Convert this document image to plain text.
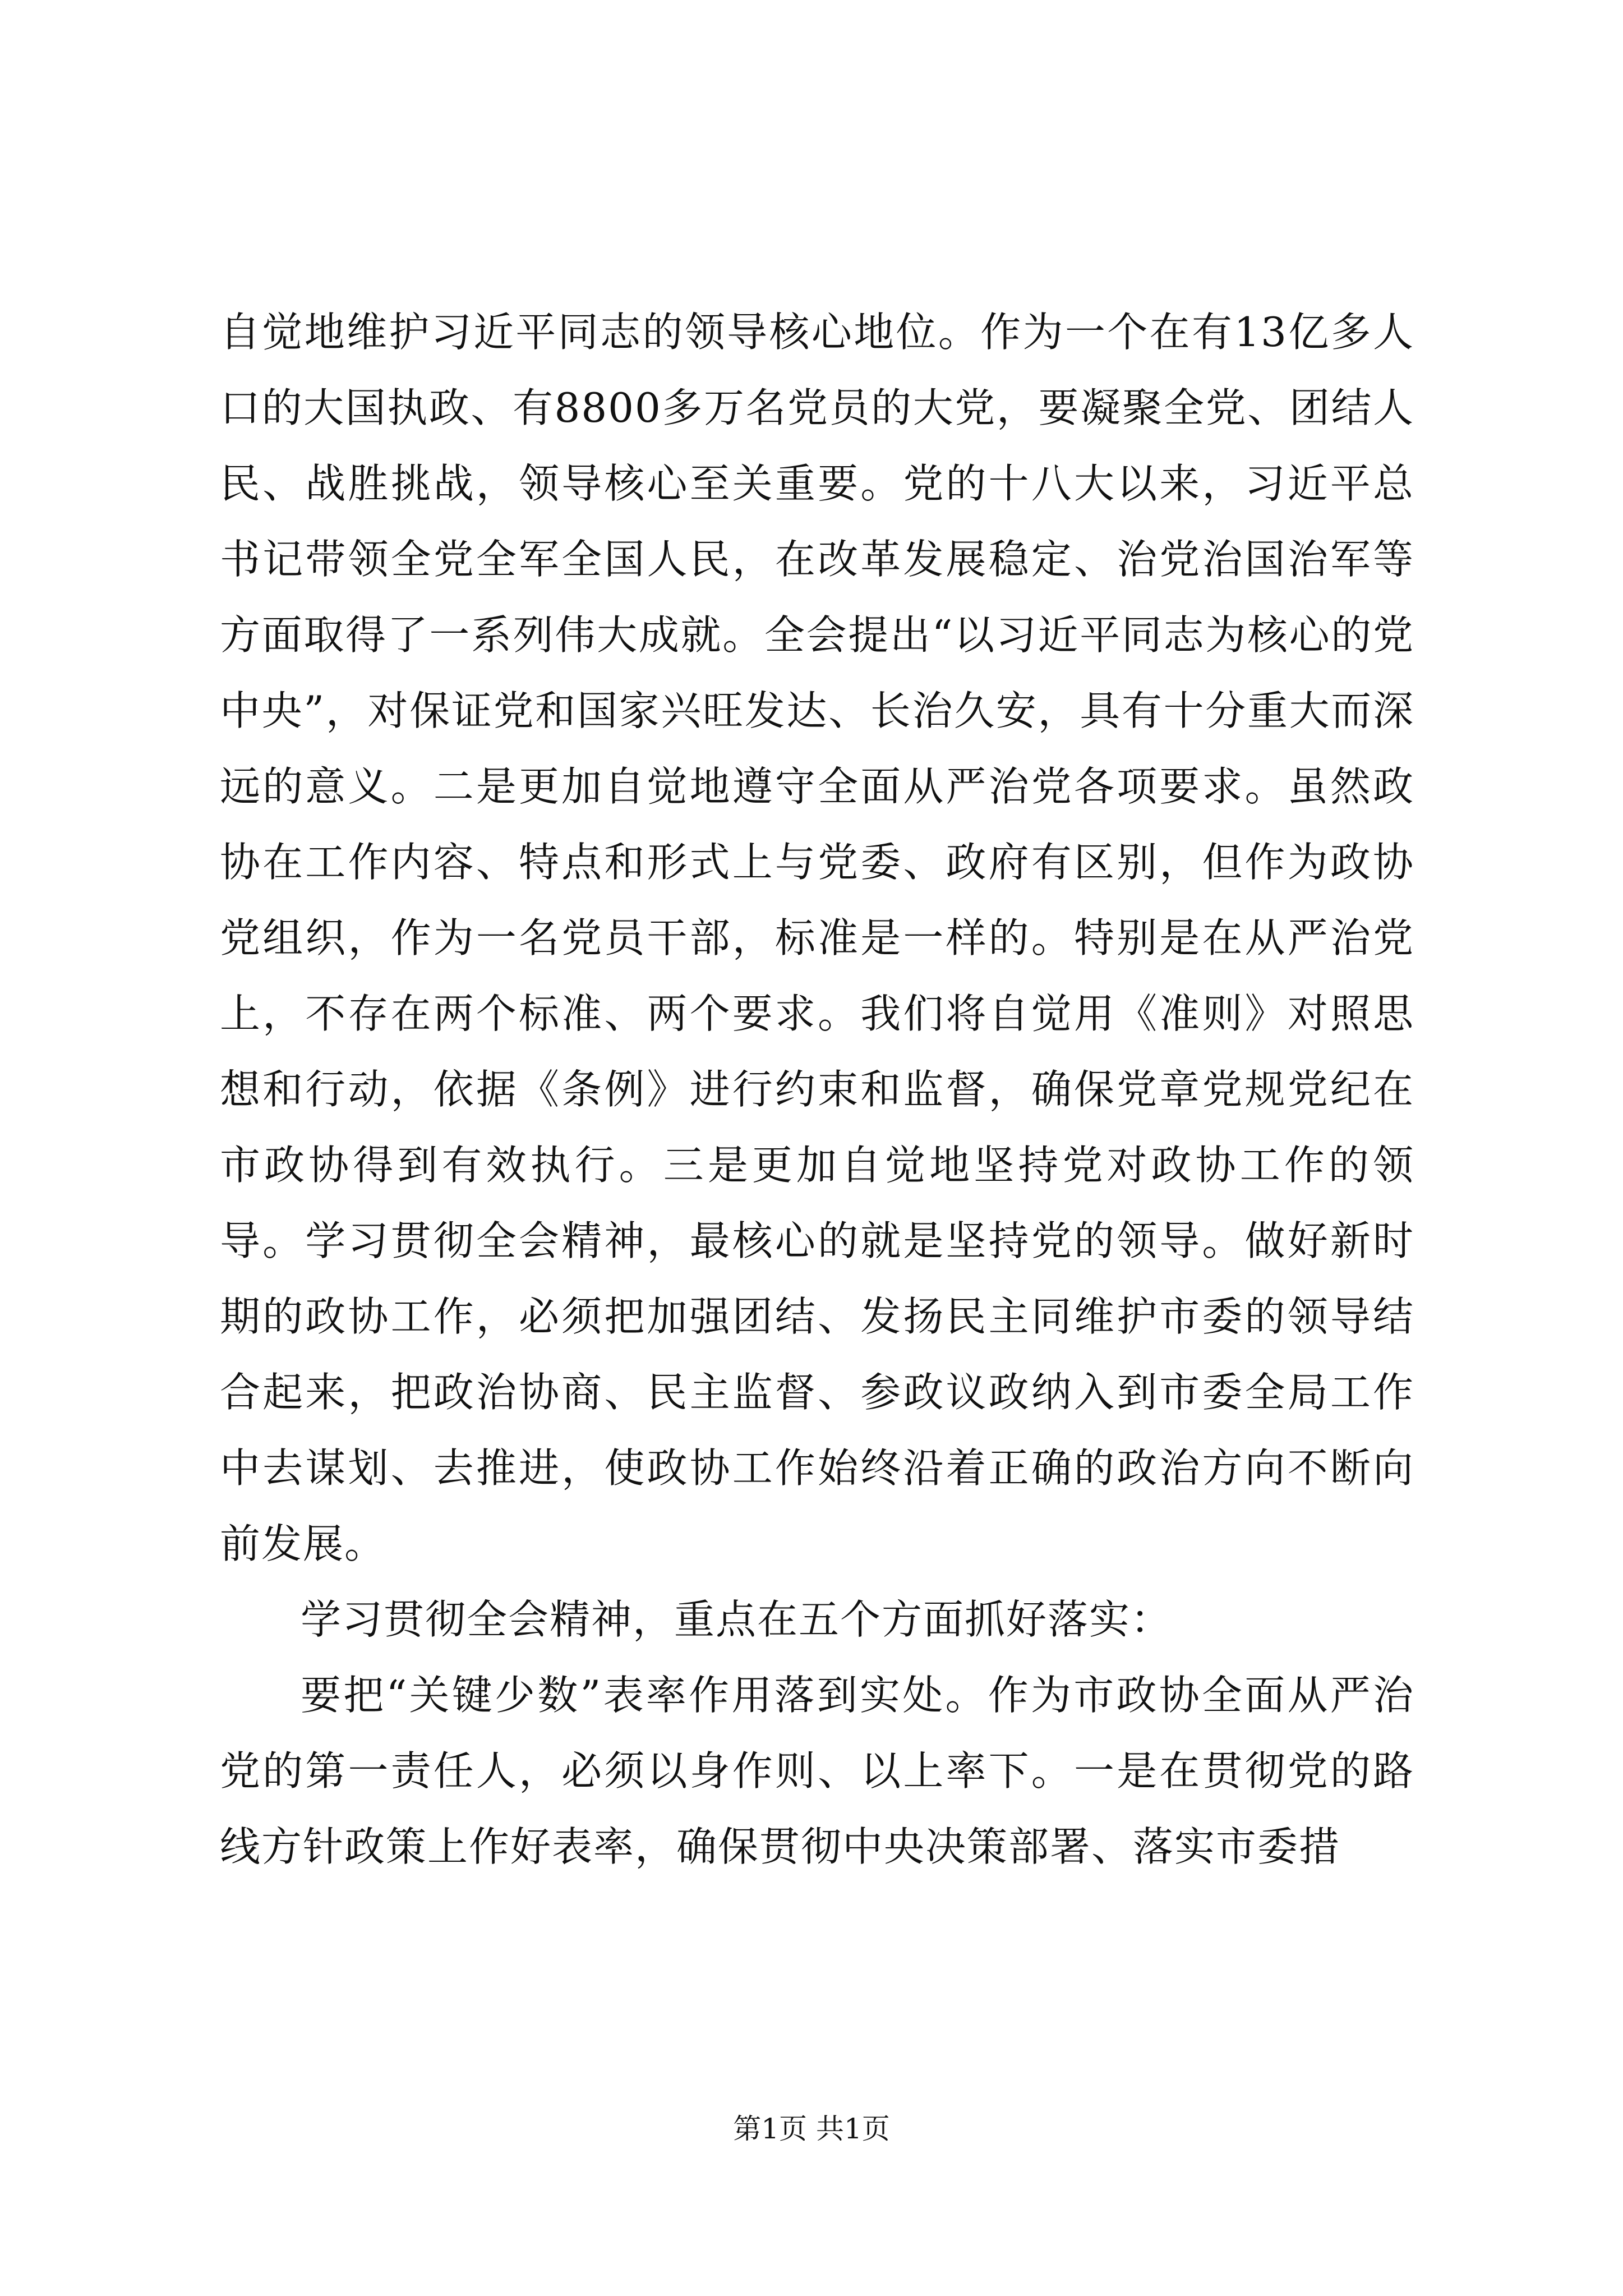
自觉地维护习近平同志的领导核心地位。作为一个在有13亿多人口的大国执政、有8800多万名党员的大党，要凝聚全党、团结人民、战胜挑战，领导核心至关重要。党的十八大以来，习近平总书记带领全党全军全国人民，在改革发展稳定、治党治国治军等方面取得了一系列伟大成就。全会提出“以习近平同志为核心的党中央”，对保证党和国家兴旺发达、长治久安，具有十分重大而深远的意义。二是更加自觉地遵守全面从严治党各项要求。虽然政协在工作内容、特点和形式上与党委、政府有区别，但作为政协党组织，作为一名党员干部，标准是一样的。特别是在从严治党上，不存在两个标准、两个要求。我们将自觉用《准则》对照思想和行动，依据《条例》进行约束和监督，确保党章党规党纪在市政协得到有效执行。三是更加自觉地坚持党对政协工作的领导。学习贯彻全会精神，最核心的就是坚持党的领导。做好新时期的政协工作，必须把加强团结、发扬民主同维护市委的领导结合起来，把政治协商、民主监督、参政议政纳入到市委全局工作中去谋划、去推进，使政协工作始终沿着正确的政治方向不断向前发展。

学习贯彻全会精神，重点在五个方面抓好落实：

要把“关键少数”表率作用落到实处。作为市政协全面从严治党的第一责任人，必须以身作则、以上率下。一是在贯彻党的路线方针政策上作好表率，确保贯彻中央决策部署、落实市委措

第1页 共1页
